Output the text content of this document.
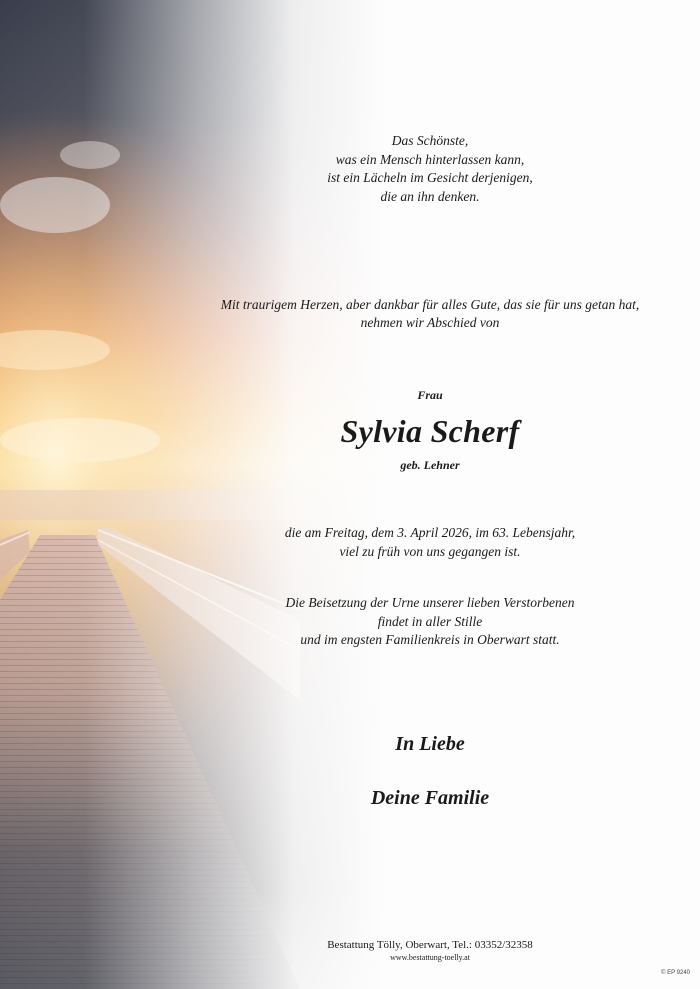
Das Schönste,
was ein Mensch hinterlassen kann,
ist ein Lächeln im Gesicht derjenigen,
die an ihn denken.
Mit traurigem Herzen, aber dankbar für alles Gute, das sie für uns getan hat,
nehmen wir Abschied von
Frau
Sylvia Scherf
geb. Lehner
die am Freitag, dem 3. April 2026, im 63. Lebensjahr,
viel zu früh von uns gegangen ist.
Die Beisetzung der Urne unserer lieben Verstorbenen
findet in aller Stille
und im engsten Familienkreis in Oberwart statt.
In Liebe
Deine Familie
Bestattung Tölly, Oberwart, Tel.: 03352/32358
www.bestattung-toelly.at
© EP 9240
